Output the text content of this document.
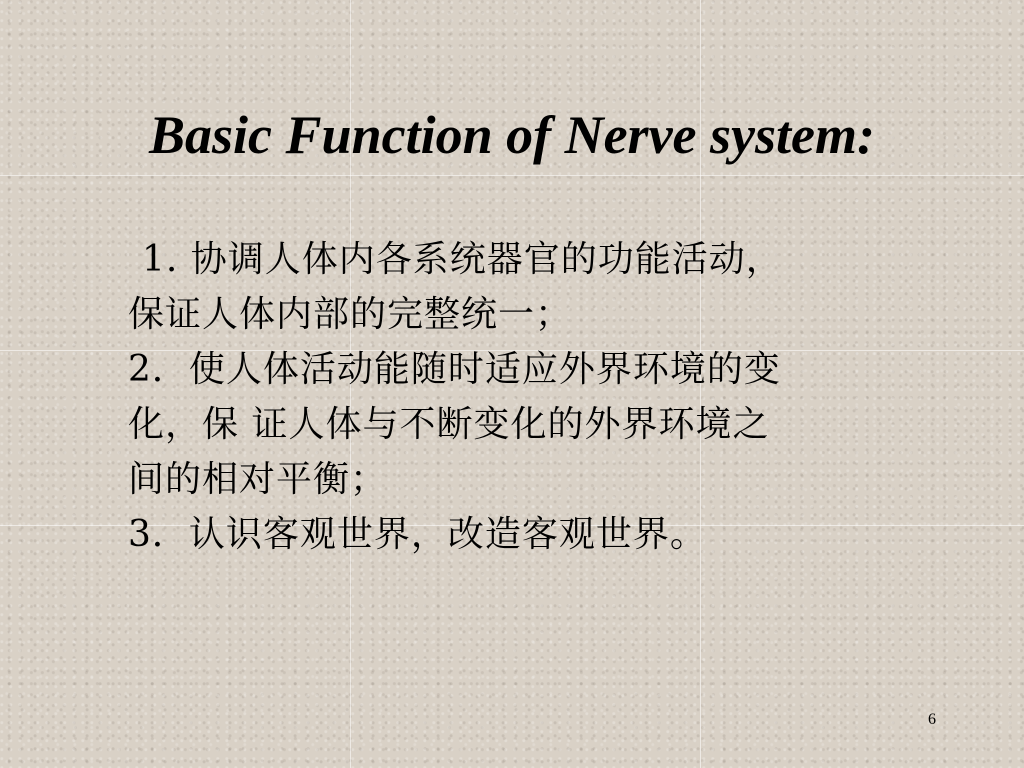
Basic Function of Nerve system:
1. 协调人体内各系统器官的功能活动，
保证人体内部的完整统一；
2．使人体活动能随时适应外界环境的变
化，保 证人体与不断变化的外界环境之
间的相对平衡；
3．认识客观世界，改造客观世界。
6
